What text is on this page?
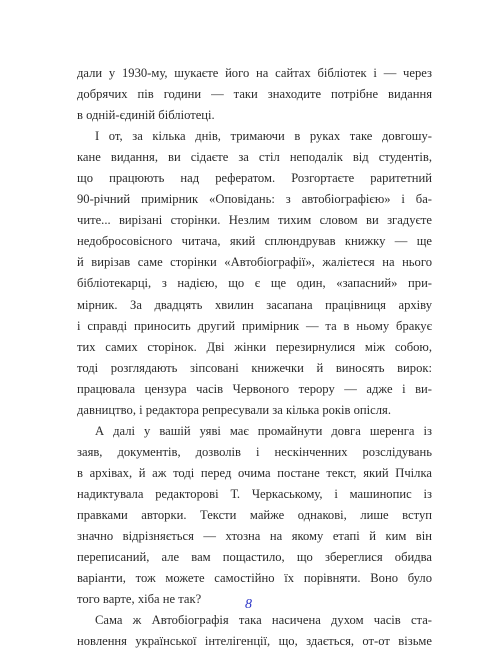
дали у 1930-му, шукаєте його на сайтах бібліотек і — через
добрячих пів години — таки знаходите потрібне видання
в одній-єдиній бібліотеці.
І от, за кілька днів, тримаючи в руках таке довгошу-
кане видання, ви сідаєте за стіл неподалік від студентів,
що працюють над рефератом. Розгортаєте раритетний
90-річний примірник «Оповідань: з автобіографією» і ба-
чите... вирізані сторінки. Незлим тихим словом ви згадуєте
недобросовісного читача, який сплюндрував книжку — ще
й вирізав саме сторінки «Автобіографії», жалієтеся на нього
бібліотекарці, з надією, що є ще один, «запасний» при-
мірник. За двадцять хвилин засапана працівниця архіву
і справді приносить другий примірник — та в ньому бракує
тих самих сторінок. Дві жінки перезирнулися між собою,
тоді розглядають зіпсовані книжечки й виносять вирок:
працювала цензура часів Червоного терору — адже і ви-
давництво, і редактора репресували за кілька років опісля.
А далі у вашій уяві має промайнути довга шеренга із
заяв, документів, дозволів і нескінченних розслідувань
в архівах, й аж тоді перед очима постане текст, який Пчілка
надиктувала редакторові Т. Черкаському, і машинопис із
правками авторки. Тексти майже однакові, лише вступ
значно відрізняється — хтозна на якому етапі й ким він
переписаний, але вам пощастило, що збереглися обидва
варіанти, тож можете самостійно їх порівняти. Воно було
того варте, хіба не так?
Сама ж Автобіографія така насичена духом часів ста-
новлення української інтелігенції, що, здається, от-от візьме
8
